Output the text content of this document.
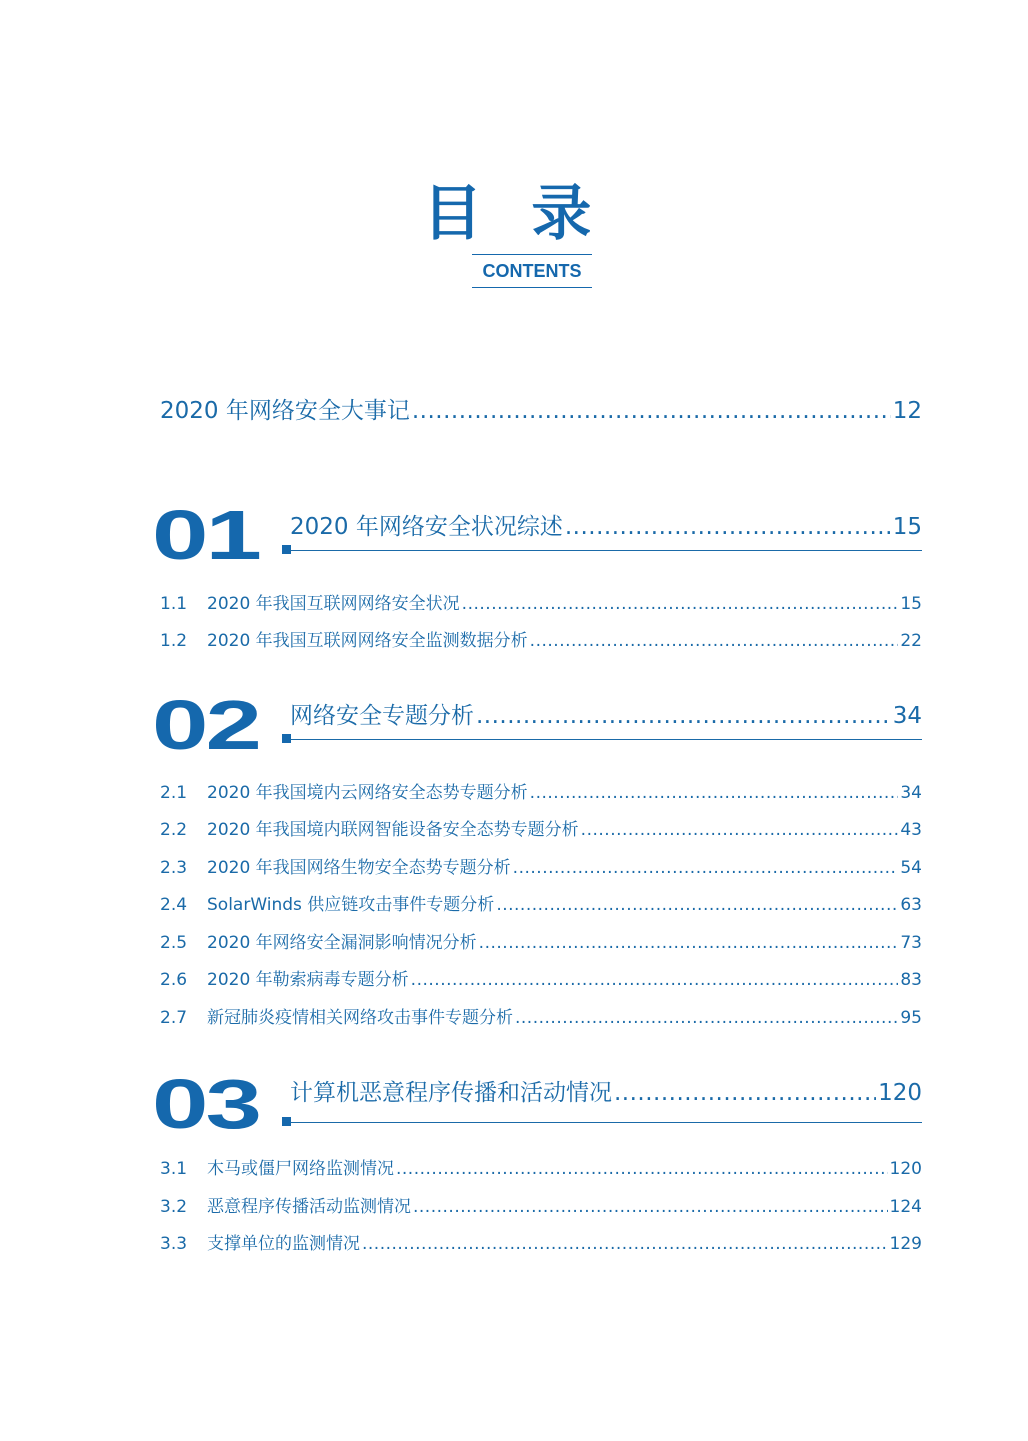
目 录
CONTENTS
2020 年网络安全大事记 .....	12
01 2020 年网络安全状况综述 .....	15
1.1	2020 年我国互联网网络安全状况 .....	15
1.2	2020 年我国互联网网络安全监测数据分析 .....	22
02 网络安全专题分析 .....	34
2.1	2020 年我国境内云网络安全态势专题分析 .....	34
2.2	2020 年我国境内联网智能设备安全态势专题分析 .....	43
2.3	2020 年我国网络生物安全态势专题分析 .....	54
2.4	SolarWinds 供应链攻击事件专题分析 .....	63
2.5	2020 年网络安全漏洞影响情况分析 .....	73
2.6	2020 年勒索病毒专题分析 .....	83
2.7	新冠肺炎疫情相关网络攻击事件专题分析 .....	95
03 计算机恶意程序传播和活动情况 .....	120
3.1	木马或僵尸网络监测情况 .....	120
3.2	恶意程序传播活动监测情况 .....	124
3.3	支撑单位的监测情况 .....	129
